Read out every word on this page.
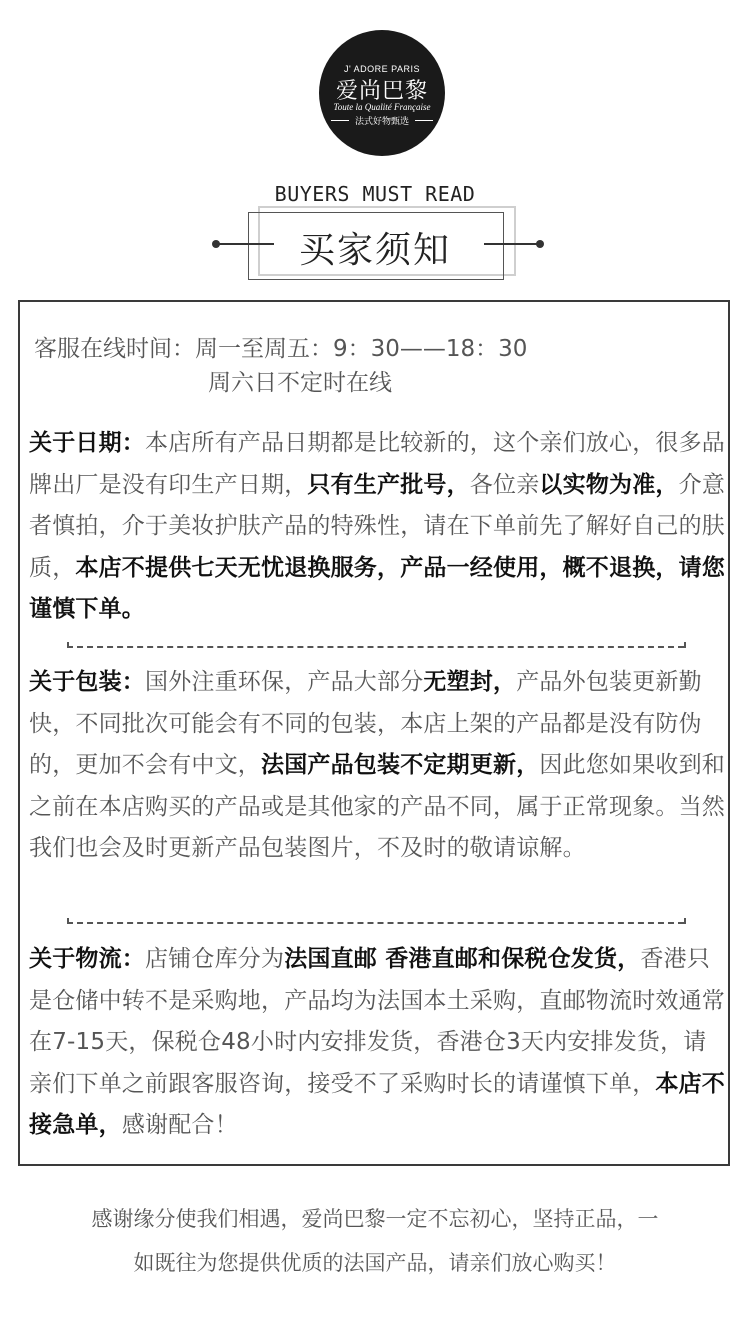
J' ADORE PARIS
爱尚巴黎
Toute la Qualité Française
法式好物甄选
BUYERS MUST READ
买家须知
客服在线时间：周一至周五：9：30——18：30
周六日不定时在线
关于日期：本店所有产品日期都是比较新的，这个亲们放心，很多品牌出厂是没有印生产日期，只有生产批号，各位亲以实物为准，介意者慎拍，介于美妆护肤产品的特殊性，请在下单前先了解好自己的肤质，本店不提供七天无忧退换服务，产品一经使用，概不退换，请您谨慎下单。
关于包装：国外注重环保，产品大部分无塑封，产品外包装更新勤快，不同批次可能会有不同的包装，本店上架的产品都是没有防伪的，更加不会有中文，法国产品包装不定期更新，因此您如果收到和之前在本店购买的产品或是其他家的产品不同，属于正常现象。当然我们也会及时更新产品包装图片，不及时的敬请谅解。
关于物流：店铺仓库分为法国直邮 香港直邮和保税仓发货，香港只是仓储中转不是采购地，产品均为法国本土采购，直邮物流时效通常在7-15天，保税仓48小时内安排发货，香港仓3天内安排发货，请亲们下单之前跟客服咨询，接受不了采购时长的请谨慎下单，本店不接急单，感谢配合！
感谢缘分使我们相遇，爱尚巴黎一定不忘初心，坚持正品，一
如既往为您提供优质的法国产品，请亲们放心购买！
